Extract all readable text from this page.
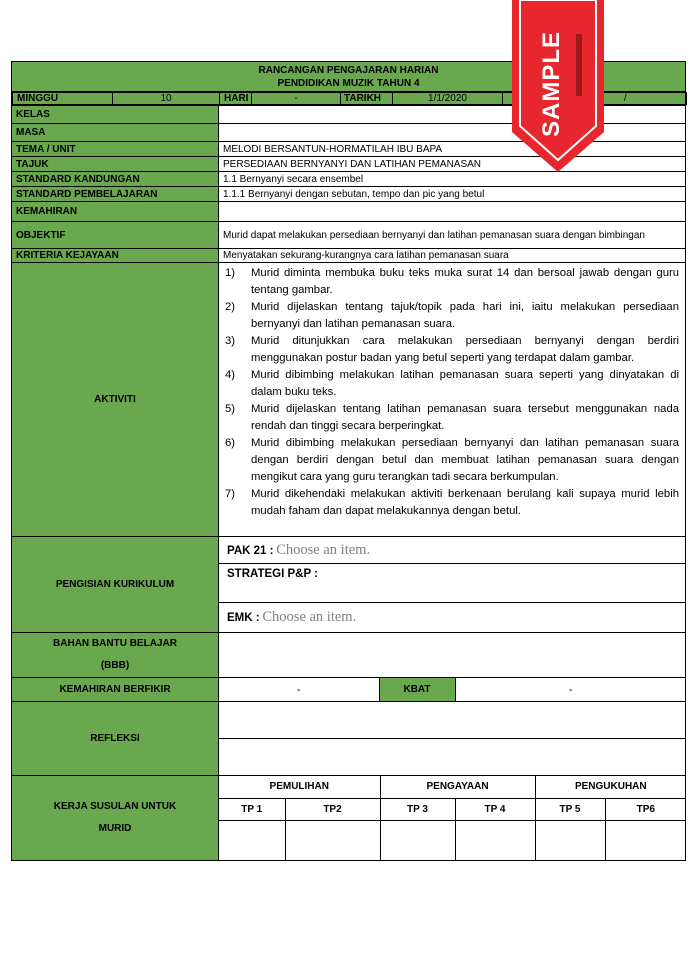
RANCANGAN PENGAJARAN HARIAN
PENDIDIKAN MUZIK TAHUN 4

MINGGU	10	HARI	-	TARIKH	1/1/2020	/

KELAS	
MASA	
TEMA / UNIT	MELODI BERSANTUN-HORMATILAH IBU BAPA
TAJUK	PERSEDIAAN BERNYANYI DAN LATIHAN PEMANASAN
STANDARD KANDUNGAN	1.1 Bernyanyi secara ensembel
STANDARD PEMBELAJARAN	1.1.1 Bernyanyi dengan sebutan, tempo dan pic yang betul
KEMAHIRAN	
OBJEKTIF	Murid dapat melakukan persediaan bernyanyi dan latihan pemanasan suara dengan bimbingan
KRITERIA KEJAYAAN	Menyatakan sekurang-kurangnya cara latihan pemanasan suara
AKTIVITI	
1)	Murid diminta membuka buku teks muka surat 14 dan bersoal jawab dengan guru tentang gambar.
2)	Murid dijelaskan tentang tajuk/topik pada hari ini, iaitu melakukan persediaan bernyanyi dan latihan pemanasan suara.
3)	Murid ditunjukkan cara melakukan persediaan bernyanyi dengan berdiri menggunakan postur badan yang betul seperti yang terdapat dalam gambar.
4)	Murid dibimbing melakukan latihan pemanasan suara seperti yang dinyatakan di dalam buku teks.
5)	Murid dijelaskan tentang latihan pemanasan suara tersebut menggunakan nada rendah dan tinggi secara berperingkat.
6)	Murid dibimbing melakukan persediaan bernyanyi dan latihan pemanasan suara dengan berdiri dengan betul dan membuat latihan pemanasan suara dengan mengikut cara yang guru terangkan tadi secara berkumpulan.
7)	Murid dikehendaki melakukan aktiviti berkenaan berulang kali supaya murid lebih mudah faham dan dapat melakukannya dengan betul.

PENGISIAN KURIKULUM	PAK 21 : Choose an item.
STRATEGI P&P :
EMK : Choose an item.

BAHAN BANTU BELAJAR
(BBB)

KEMAHIRAN BERFIKIR		-	KBAT	-

REFLEKSI	

KERJA SUSULAN UNTUK
MURID

PEMULIHAN	PENGAYAAN	PENGUKUHAN
TP 1	TP2	TP 3	TP 4	TP 5	TP6

SAMPLE
